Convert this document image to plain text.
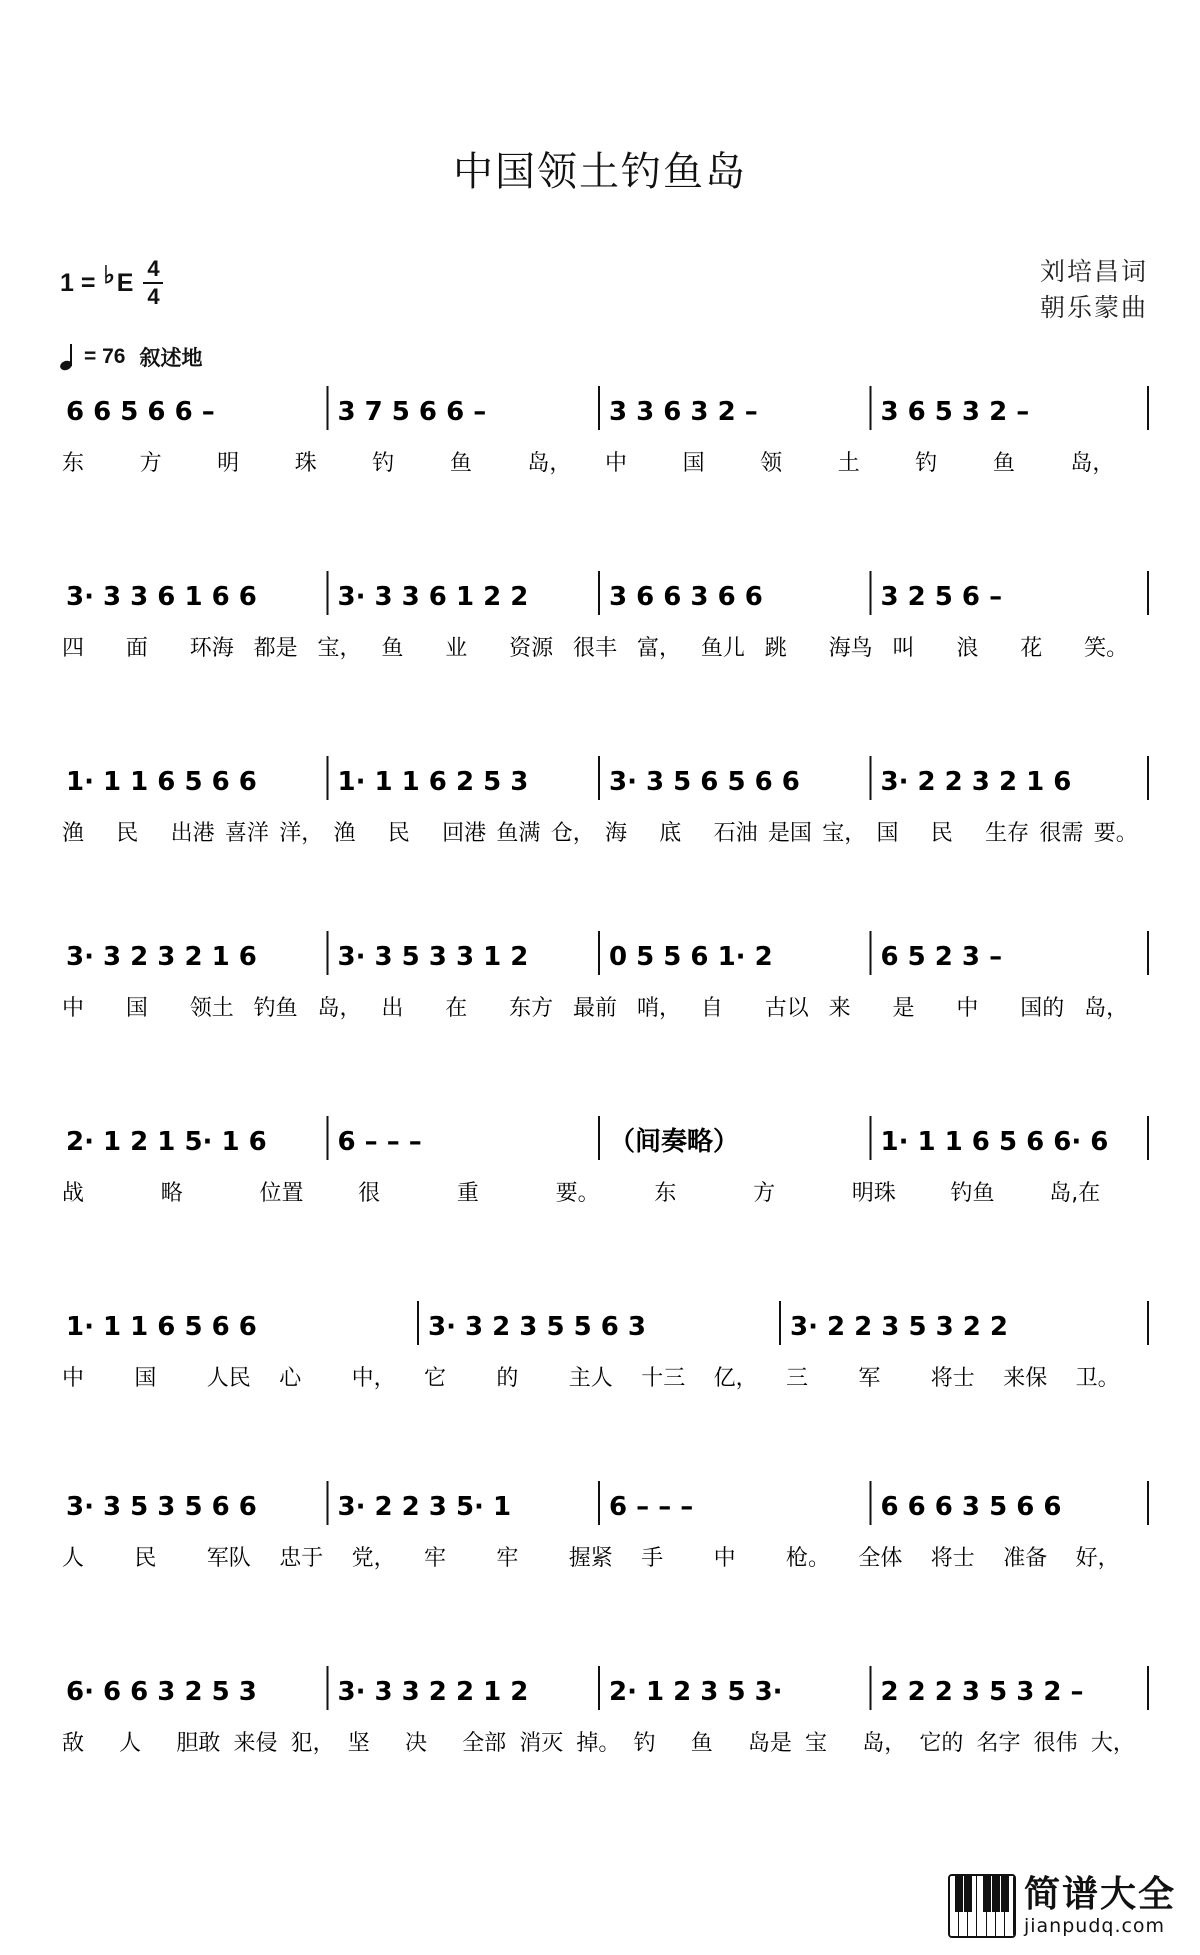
中国领土钓鱼岛
1 = ♭ E $\frac{4}{4}$	刘培昌词
朝乐蒙曲
= 76 叙述地
6 6 5 6 6 –	3 7 5 6 6 –	3 3 6 3 2 –	3 6 5 3 2 –
东	方	明	珠	钓	鱼	岛， 中	国	领	土	钓	鱼	岛，
3· 3 3 6 1 6 6	3· 3 3 6 1 2 2	3 6 6 3 6 6	3 2 5 6 –
四 面 环海 都是 宝， 鱼 业 资源 很丰 富， 鱼儿 跳 海鸟 叫 浪 花 笑。
1· 1 1 6 5 6 6	1· 1 1 6 2 5 3	3· 3 5 6 5 6 6	3· 2 2 3 2 1 6
渔 民 出港 喜洋 洋， 渔 民 回港 鱼满 仓， 海 底 石油 是国 宝， 国 民 生存 很需 要。
3· 3 2 3 2 1 6	3· 3 5 3 3 1 2	0 5 5 6 1· 2	6 5 2 3 –
中 国 领土 钓鱼 岛， 出 在 东方 最前 哨， 自 古以 来 是 中 国的 岛，
2· 1 2 1 5· 1 6	6 – – –	（间奏略）	1· 1 1 6 5 6 6· 6
战	略	位置 很	重	要。 东	方	明珠 钓鱼 岛,在
1· 1 1 6 5 6 6	3· 3 2 3 5 5 6 3	3· 2 2 3 5 3 2 2
中 国 人民 心 中， 它 的 主人 十三 亿， 三 军 将士 来保 卫。
3· 3 5 3 5 6 6	3· 2 2 3 5· 1	6 – – –	6 6 6 3 5 6 6
人 民 军队 忠于 党， 牢 牢 握紧 手 中 枪。 全体 将士 准备 好，
6· 6 6 3 2 5 3	3· 3 3 2 2 1 2	2· 1 2 3 5 3·	2 2 2 3 5 3 2 –
敌 人 胆敢 来侵 犯， 坚 决 全部 消灭 掉。 钓 鱼 岛是 宝 岛， 它的 名字 很伟 大，
简谱大全
jianpudq.com
